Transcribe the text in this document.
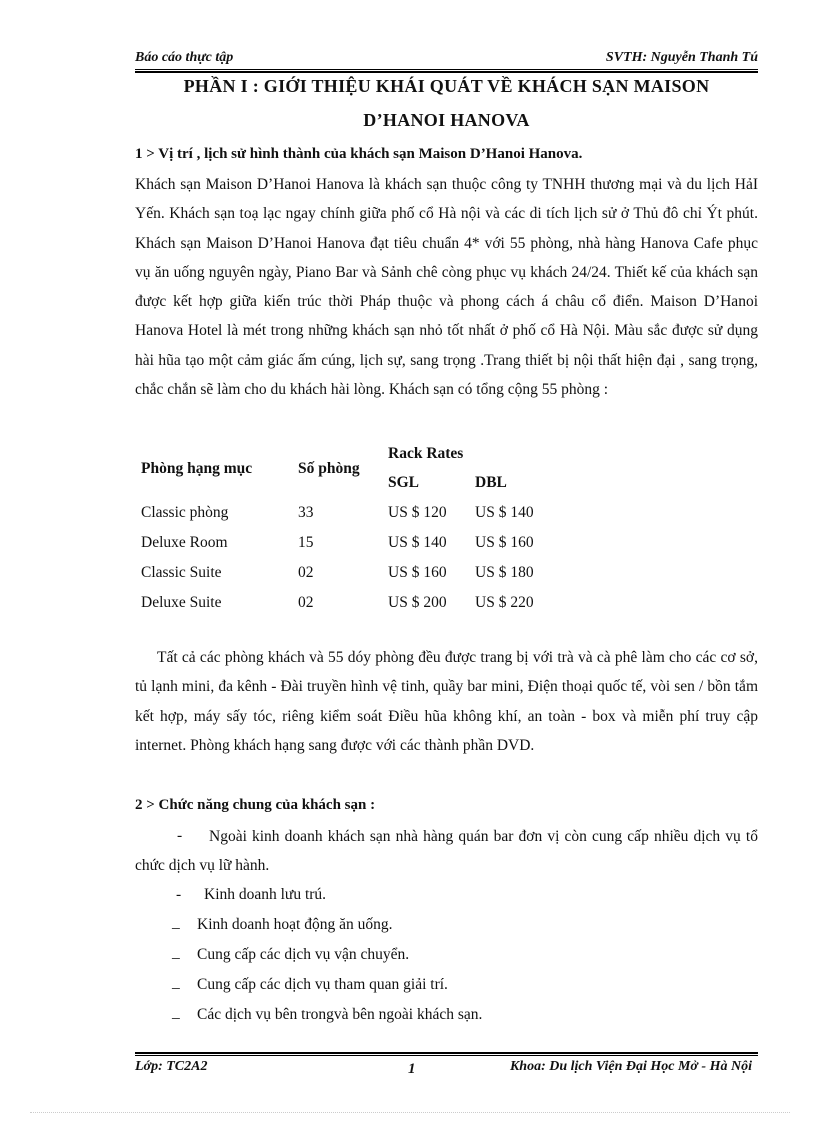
Báo cáo thực tập	SVTH: Nguyễn Thanh Tú
PHẦN I : GIỚI THIỆU KHÁI QUÁT VỀ KHÁCH SẠN MAISON
D’HANOI HANOVA
1 > Vị trí , lịch sử hình thành của khách sạn Maison D’Hanoi Hanova.

Khách sạn Maison D’Hanoi Hanova là khách sạn thuộc công ty TNHH thương mại và du lịch HảI Yến. Khách sạn toạ lạc ngay chính giữa phố cổ Hà nội và các di tích lịch sử ở Thủ đô chỉ Ýt phút. Khách sạn Maison D’Hanoi Hanova đạt tiêu chuẩn 4* với 55 phòng, nhà hàng Hanova Cafe phục vụ ăn uống nguyên ngày, Piano Bar và Sảnh chê còng phục vụ khách 24/24. Thiết kế của khách sạn được kết hợp giữa kiến trúc thời Pháp thuộc và phong cách á châu cổ điển. Maison D’Hanoi Hanova Hotel là mét trong những khách sạn nhỏ tốt nhất ở phố cổ Hà Nội. Màu sắc được sử dụng hài hũa tạo một cảm giác ấm cúng, lịch sự, sang trọng .Trang thiết bị nội thất hiện đại , sang trọng, chắc chắn sẽ làm cho du khách hài lòng. Khách sạn có tổng cộng 55 phòng :

Phòng hạng mục	Số phòng
Rack Rates
SGL	DBL
Classic phòng	33	US $ 120 US $ 140
Deluxe Room	15	US $ 140 US $ 160
Classic Suite	02	US $ 160 US $ 180
Deluxe Suite	02	US $ 200 US $ 220

Tất cả các phòng khách và 55 dóy phòng đều được trang bị với trà và cà phê làm cho các cơ sở, tủ lạnh mini, đa kênh - Đài truyền hình vệ tinh, quầy bar mini, Điện thoại quốc tế, vòi sen / bồn tắm kết hợp, máy sấy tóc, riêng kiểm soát Điều hũa không khí, an toàn - box và miễn phí truy cập internet. Phòng khách hạng sang được với các thành phần DVD.

2 > Chức năng chung của khách sạn :
-	Ngoài kinh doanh khách sạn nhà hàng quán bar đơn vị còn cung cấp nhiều dịch vụ tổ chức dịch vụ lữ hành.

- Kinh doanh lưu trú.
_ Kinh doanh hoạt động ăn uống.
_ Cung cấp các dịch vụ vận chuyển.
_ Cung cấp các dịch vụ tham quan giải trí.
_ Các dịch vụ bên trongvà bên ngoài khách sạn.
Lớp: TC2A2	1	Khoa: Du lịch Viện Đại Học Mở - Hà Nội
